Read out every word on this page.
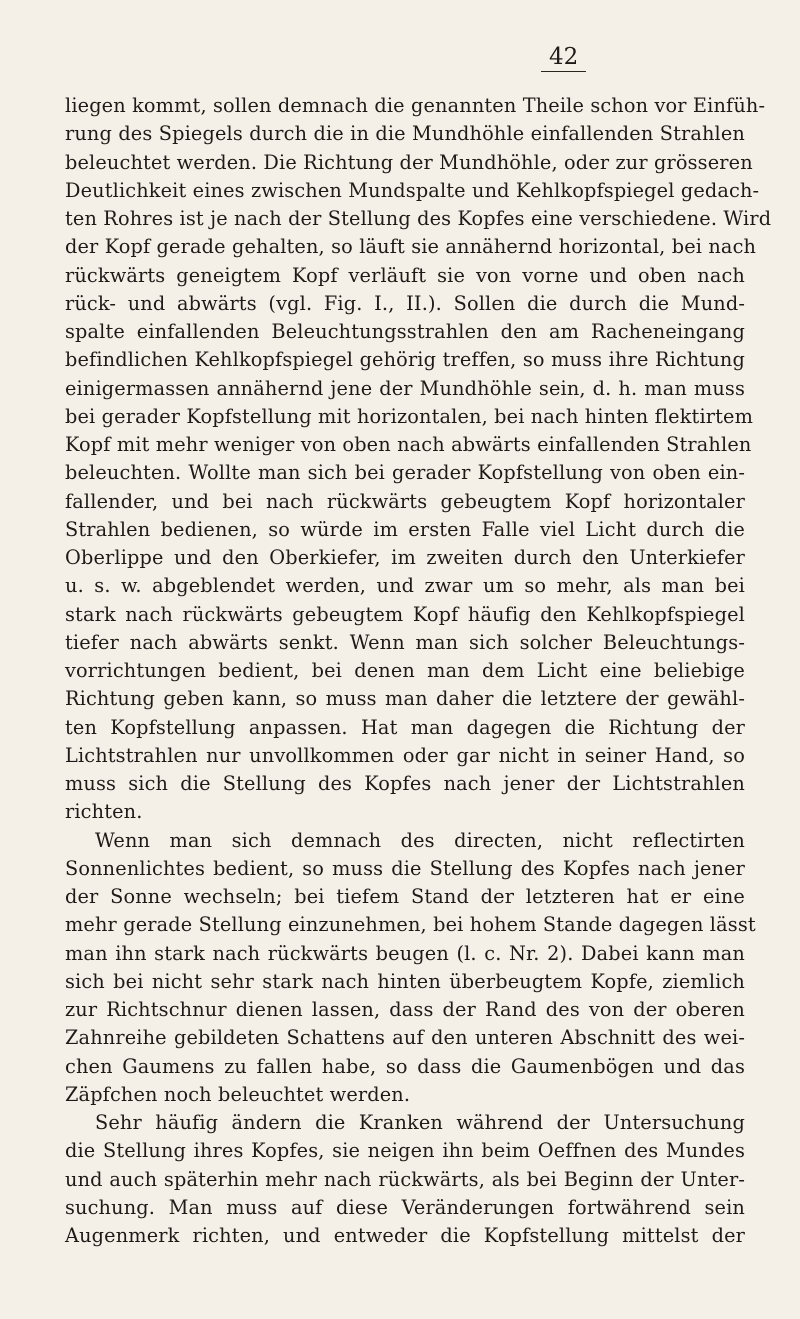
42
liegen kommt, sollen demnach die genannten Theile schon vor Einfüh-
rung des Spiegels durch die in die Mundhöhle einfallenden Strahlen
beleuchtet werden. Die Richtung der Mundhöhle, oder zur grösseren
Deutlichkeit eines zwischen Mundspalte und Kehlkopfspiegel gedach-
ten Rohres ist je nach der Stellung des Kopfes eine verschiedene. Wird
der Kopf gerade gehalten, so läuft sie annähernd horizontal, bei nach
rückwärts geneigtem Kopf verläuft sie von vorne und oben nach
rück- und abwärts (vgl. Fig. I., II.). Sollen die durch die Mund-
spalte einfallenden Beleuchtungsstrahlen den am Racheneingang
befindlichen Kehlkopfspiegel gehörig treffen, so muss ihre Richtung
einigermassen annähernd jene der Mundhöhle sein, d. h. man muss
bei gerader Kopfstellung mit horizontalen, bei nach hinten flektirtem
Kopf mit mehr weniger von oben nach abwärts einfallenden Strahlen
beleuchten. Wollte man sich bei gerader Kopfstellung von oben ein-
fallender, und bei nach rückwärts gebeugtem Kopf horizontaler
Strahlen bedienen, so würde im ersten Falle viel Licht durch die
Oberlippe und den Oberkiefer, im zweiten durch den Unterkiefer
u. s. w. abgeblendet werden, und zwar um so mehr, als man bei
stark nach rückwärts gebeugtem Kopf häufig den Kehlkopfspiegel
tiefer nach abwärts senkt. Wenn man sich solcher Beleuchtungs-
vorrichtungen bedient, bei denen man dem Licht eine beliebige
Richtung geben kann, so muss man daher die letztere der gewähl-
ten Kopfstellung anpassen. Hat man dagegen die Richtung der
Lichtstrahlen nur unvollkommen oder gar nicht in seiner Hand, so
muss sich die Stellung des Kopfes nach jener der Lichtstrahlen
richten.
Wenn man sich demnach des directen, nicht reflectirten
Sonnenlichtes bedient, so muss die Stellung des Kopfes nach jener
der Sonne wechseln; bei tiefem Stand der letzteren hat er eine
mehr gerade Stellung einzunehmen, bei hohem Stande dagegen lässt
man ihn stark nach rückwärts beugen (l. c. Nr. 2). Dabei kann man
sich bei nicht sehr stark nach hinten überbeugtem Kopfe, ziemlich
zur Richtschnur dienen lassen, dass der Rand des von der oberen
Zahnreihe gebildeten Schattens auf den unteren Abschnitt des wei-
chen Gaumens zu fallen habe, so dass die Gaumenbögen und das
Zäpfchen noch beleuchtet werden.
Sehr häufig ändern die Kranken während der Untersuchung
die Stellung ihres Kopfes, sie neigen ihn beim Oeffnen des Mundes
und auch späterhin mehr nach rückwärts, als bei Beginn der Unter-
suchung. Man muss auf diese Veränderungen fortwährend sein
Augenmerk richten, und entweder die Kopfstellung mittelst der
